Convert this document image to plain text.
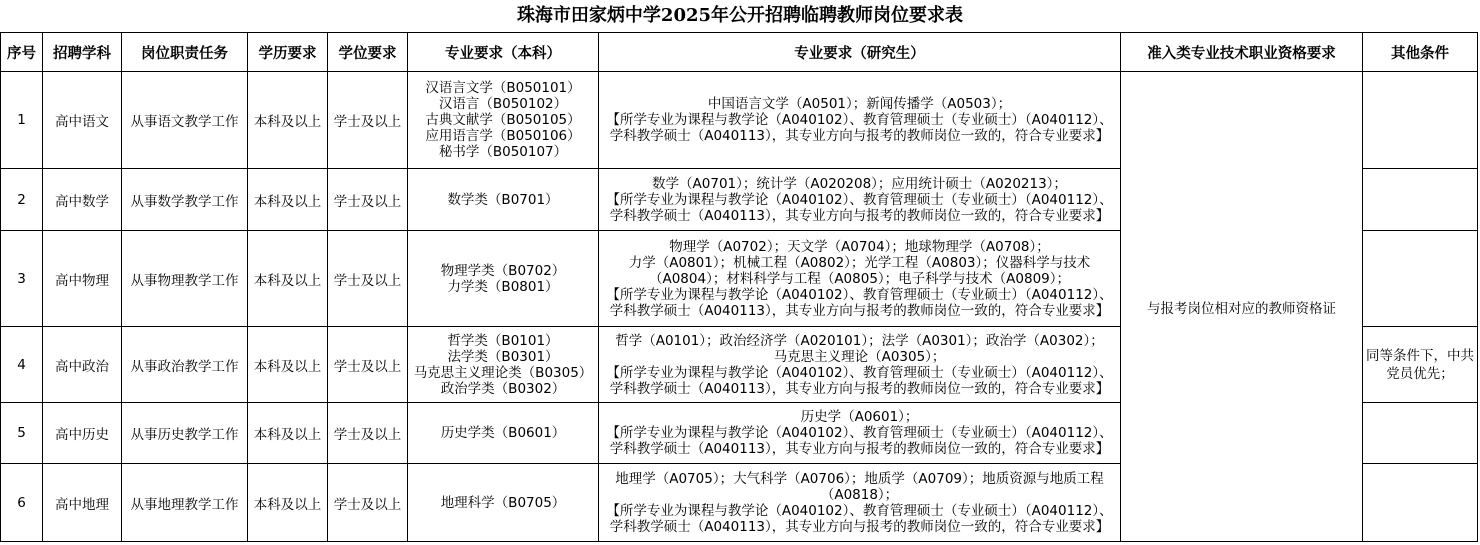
珠海市田家炳中学2025年公开招聘临聘教师岗位要求表
序号	招聘学科	岗位职责任务	学历要求	学位要求	专业要求（本科）	专业要求（研究生）	准入类专业技术职业资格要求	其他条件
1	高中语文	从事语文教学工作	本科及以上	学士及以上	汉语言文学（B050101）
汉语言（B050102）
古典文献学（B050105）
应用语言学（B050106）
秘书学（B050107）	中国语言文学（A0501）；新闻传播学（A0503）；
【所学专业为课程与教学论（A040102）、教育管理硕士（专业硕士）（A040112）、学科教学硕士（A040113），其专业方向与报考的教师岗位一致的，符合专业要求】	与报考岗位相对应的教师资格证	
2	高中数学	从事数学教学工作	本科及以上	学士及以上	数学类（B0701）	数学（A0701）；统计学（A020208）；应用统计硕士（A020213）；
【所学专业为课程与教学论（A040102）、教育管理硕士（专业硕士）（A040112）、学科教学硕士（A040113），其专业方向与报考的教师岗位一致的，符合专业要求】		
3	高中物理	从事物理教学工作	本科及以上	学士及以上	物理学类（B0702）
力学类（B0801）	物理学（A0702）；天文学（A0704）；地球物理学（A0708）；
力学（A0801）；机械工程（A0802）；光学工程（A0803）；仪器科学与技术（A0804）；材料科学与工程（A0805）；电子科学与技术（A0809）；
【所学专业为课程与教学论（A040102）、教育管理硕士（专业硕士）（A040112）、学科教学硕士（A040113），其专业方向与报考的教师岗位一致的，符合专业要求】		
4	高中政治	从事政治教学工作	本科及以上	学士及以上	哲学类（B0101）
法学类（B0301）
马克思主义理论类（B0305）
政治学类（B0302）	哲学（A0101）；政治经济学（A020101）；法学（A0301）；政治学（A0302）；
马克思主义理论（A0305）；
【所学专业为课程与教学论（A040102）、教育管理硕士（专业硕士）（A040112）、学科教学硕士（A040113），其专业方向与报考的教师岗位一致的，符合专业要求】		同等条件下，中共党员优先；
5	高中历史	从事历史教学工作	本科及以上	学士及以上	历史学类（B0601）	历史学（A0601）；
【所学专业为课程与教学论（A040102）、教育管理硕士（专业硕士）（A040112）、学科教学硕士（A040113），其专业方向与报考的教师岗位一致的，符合专业要求】		
6	高中地理	从事地理教学工作	本科及以上	学士及以上	地理科学（B0705）	地理学（A0705）；大气科学（A0706）；地质学（A0709）；地质资源与地质工程（A0818）；
【所学专业为课程与教学论（A040102）、教育管理硕士（专业硕士）（A040112）、学科教学硕士（A040113），其专业方向与报考的教师岗位一致的，符合专业要求】		
